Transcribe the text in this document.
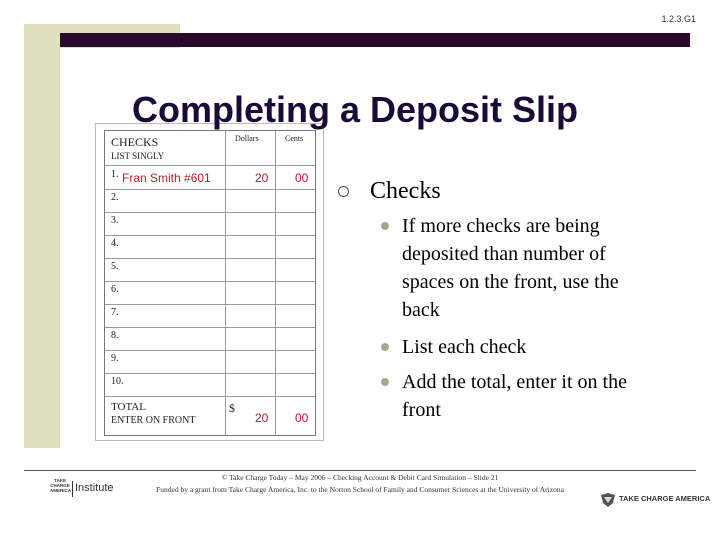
1.2.3.G1
CHECKS
LIST SINGLY
Dollars	Cents
1.
2.
3.
4.
5.
6.
7.
8.
9.
10.
Fran Smith #601	20 00
TOTAL
ENTER ON FRONT
$
20 00
Completing a Deposit Slip
Checks
If more checks are being deposited than number of spaces on the front, use the back
List each check
Add the total, enter it on the front
TAKE CHARGE AMERICA Institute
© Take Charge Today – May 2006 – Checking Account & Debit Card Simulation – Slide 21
Funded by a grant from Take Charge America, Inc. to the Norton School of Family and Consumer Sciences at the University of Arizona
TAKE CHARGE AMERICA
